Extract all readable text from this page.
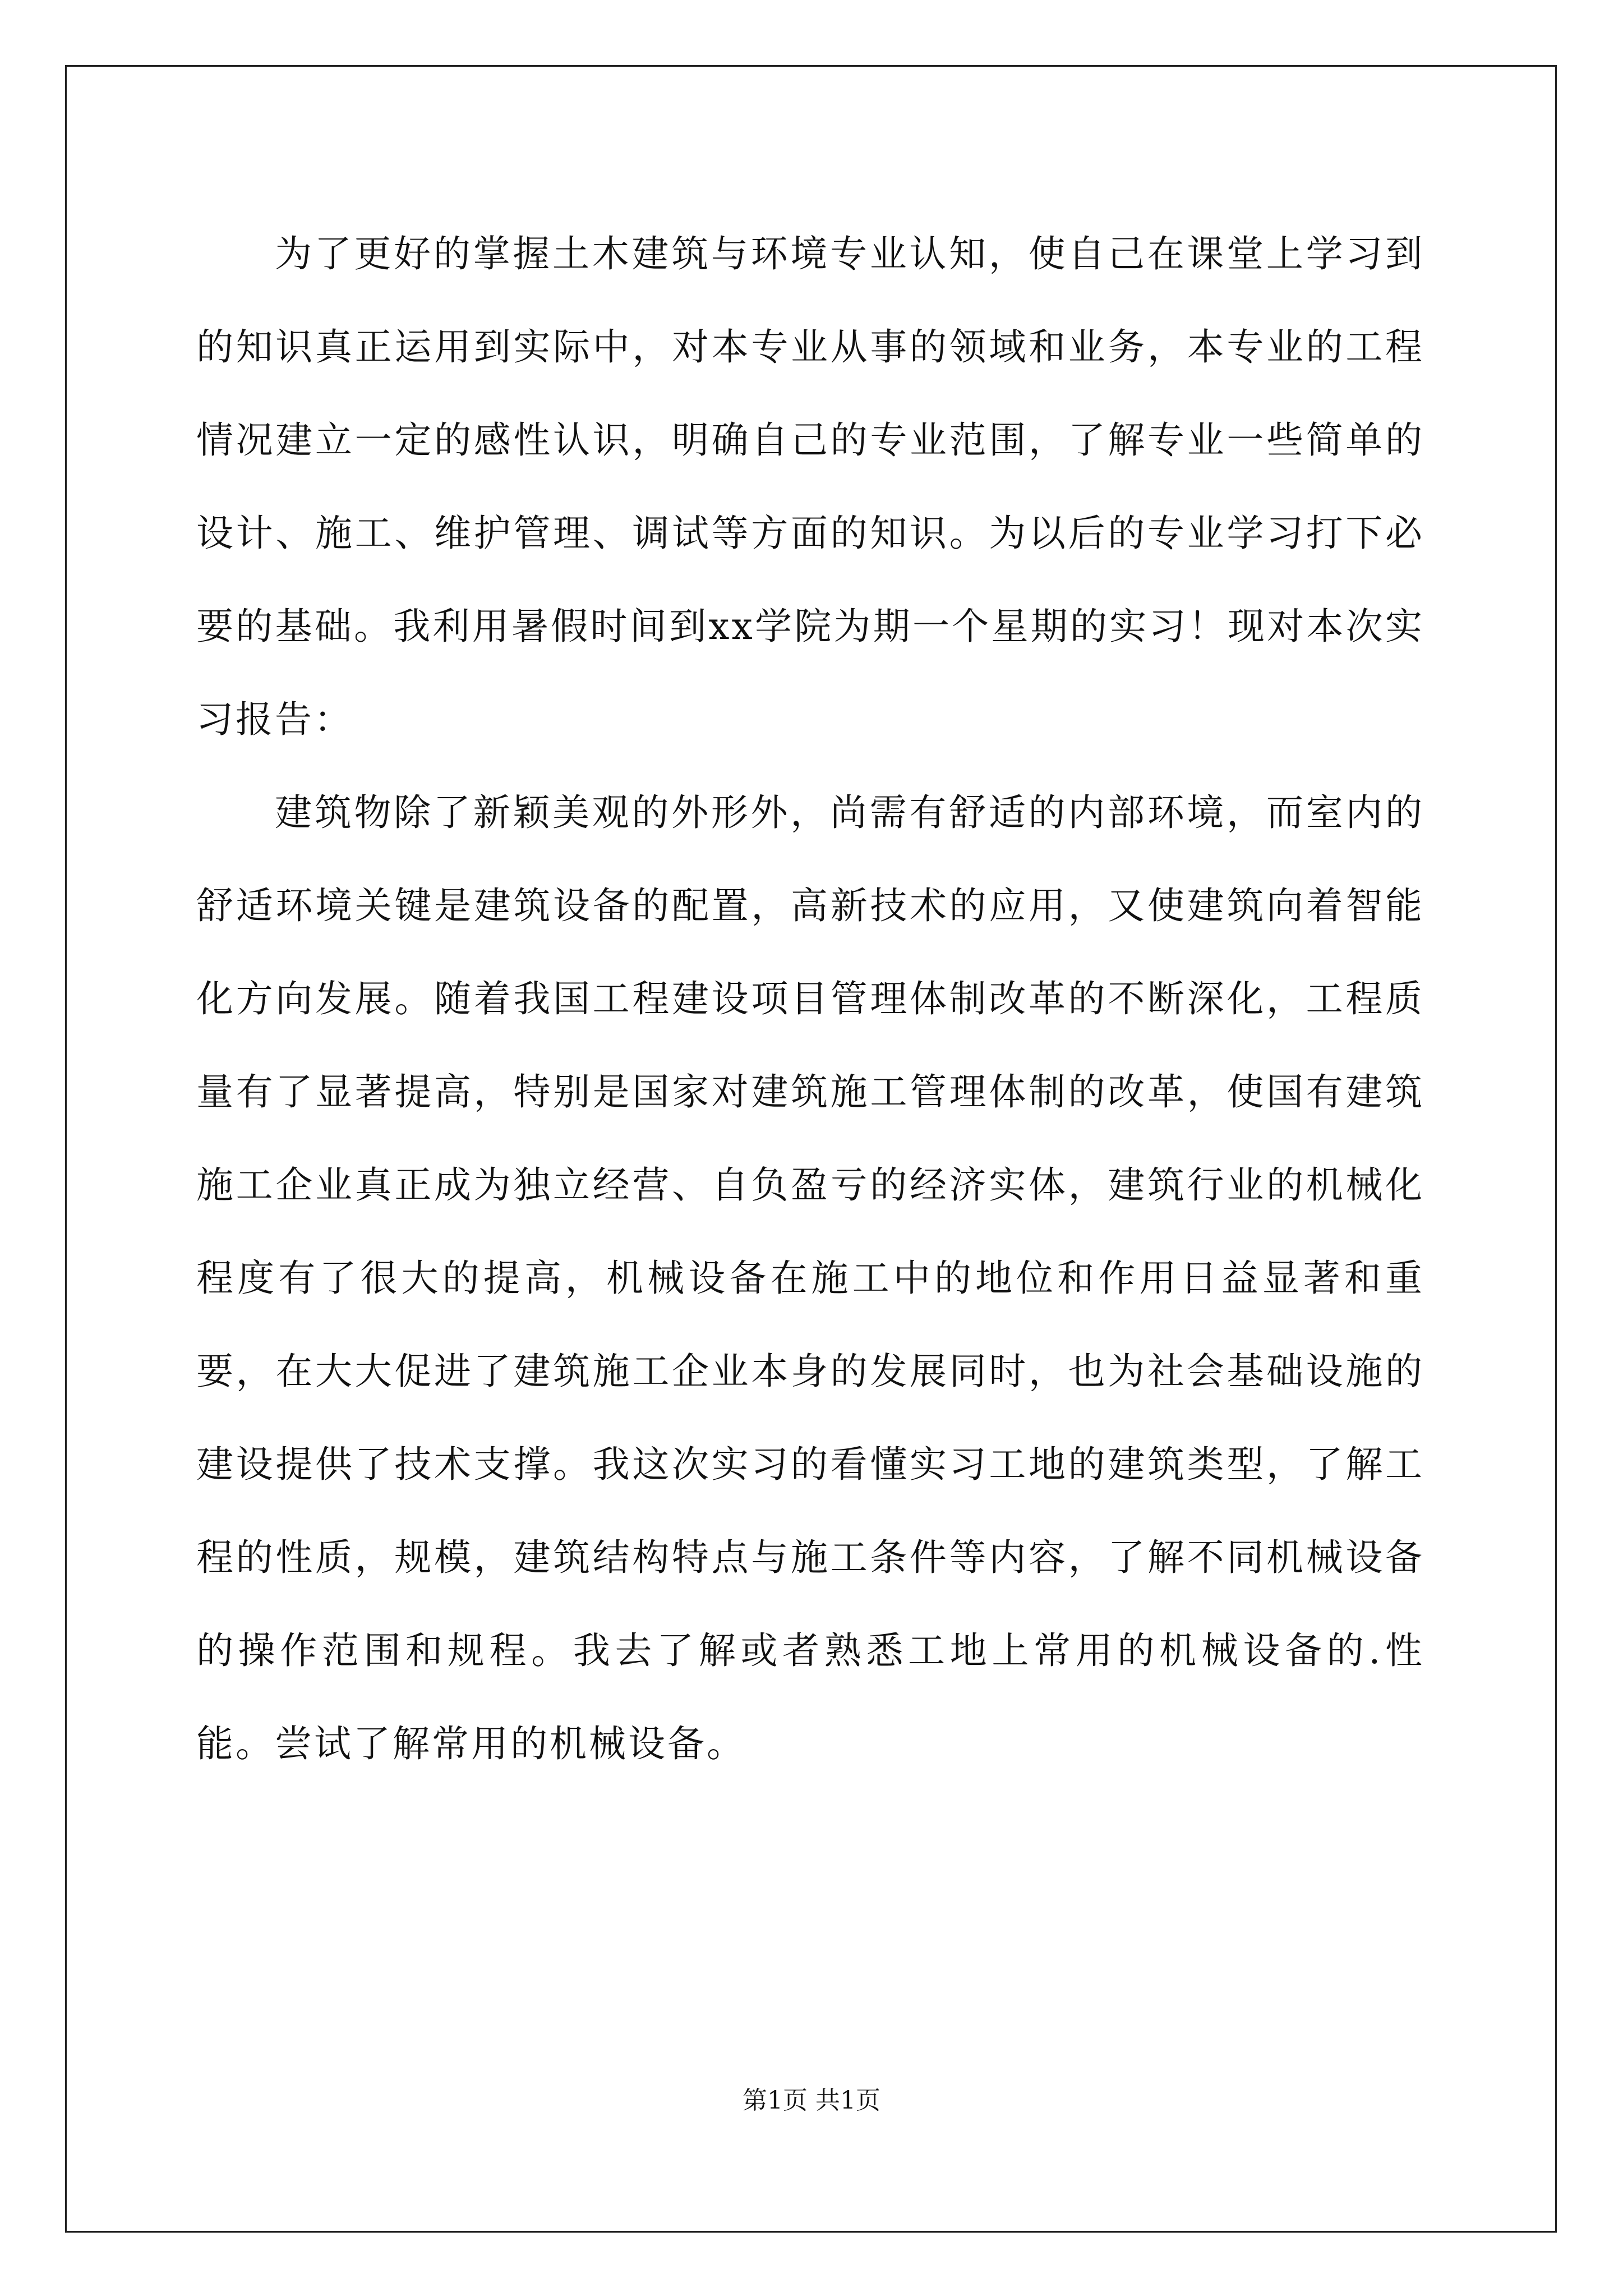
为了更好的掌握土木建筑与环境专业认知，使自己在课堂上学习到的知识真正运用到实际中，对本专业从事的领域和业务，本专业的工程情况建立一定的感性认识，明确自己的专业范围，了解专业一些简单的设计、施工、维护管理、调试等方面的知识。为以后的专业学习打下必要的基础。我利用暑假时间到xx学院为期一个星期的实习！现对本次实习报告：

建筑物除了新颖美观的外形外，尚需有舒适的内部环境，而室内的舒适环境关键是建筑设备的配置，高新技术的应用，又使建筑向着智能化方向发展。随着我国工程建设项目管理体制改革的不断深化，工程质量有了显著提高，特别是国家对建筑施工管理体制的改革，使国有建筑施工企业真正成为独立经营、自负盈亏的经济实体，建筑行业的机械化程度有了很大的提高，机械设备在施工中的地位和作用日益显著和重要，在大大促进了建筑施工企业本身的发展同时，也为社会基础设施的建设提供了技术支撑。我这次实习的看懂实习工地的建筑类型，了解工程的性质，规模，建筑结构特点与施工条件等内容，了解不同机械设备的操作范围和规程。我去了解或者熟悉工地上常用的机械设备的.性能。尝试了解常用的机械设备。

第1页 共1页
